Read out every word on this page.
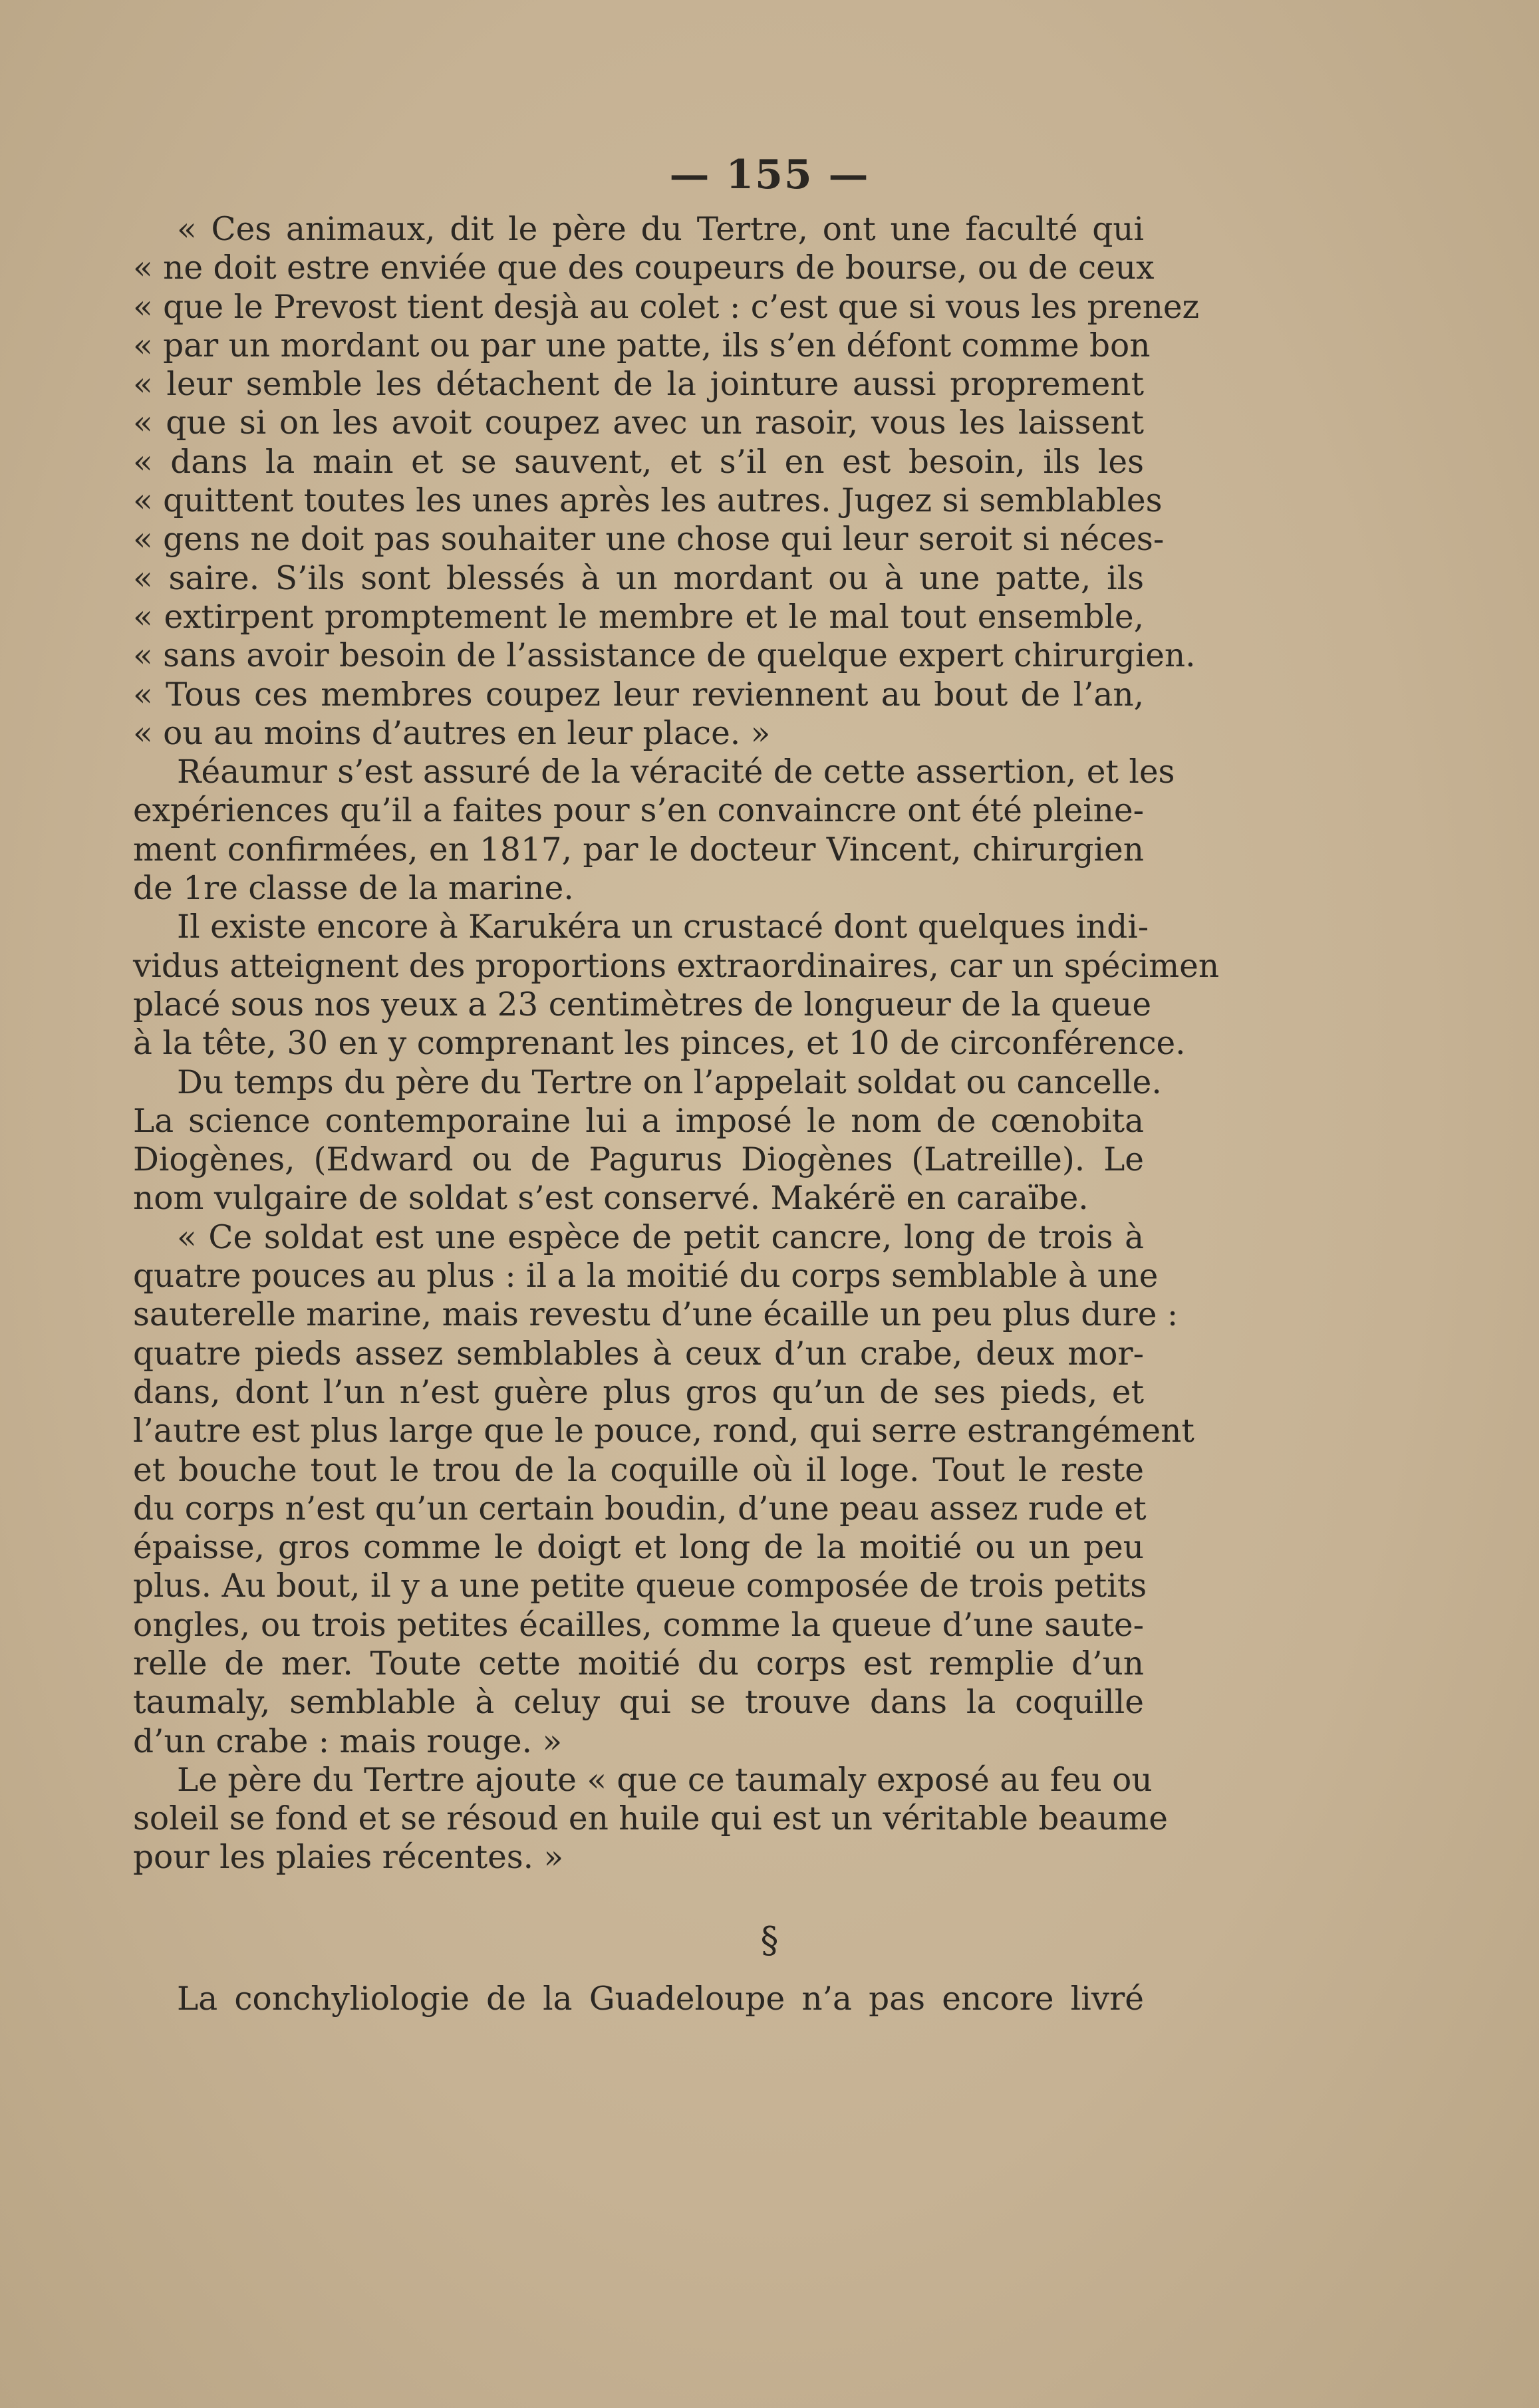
— 155 —
« Ces animaux, dit le père du Tertre, ont une faculté qui
« ne doit estre enviée que des coupeurs de bourse, ou de ceux
« que le Prevost tient desjà au colet : c’est que si vous les prenez
« par un mordant ou par une patte, ils s’en défont comme bon
« leur semble les détachent de la jointure aussi proprement
« que si on les avoit coupez avec un rasoir, vous les laissent
« dans la main et se sauvent, et s’il en est besoin, ils les
« quittent toutes les unes après les autres. Jugez si semblables
« gens ne doit pas souhaiter une chose qui leur seroit si néces-
« saire. S’ils sont blessés à un mordant ou à une patte, ils
« extirpent promptement le membre et le mal tout ensemble,
« sans avoir besoin de l’assistance de quelque expert chirurgien.
« Tous ces membres coupez leur reviennent au bout de l’an,
« ou au moins d’autres en leur place. »
Réaumur s’est assuré de la véracité de cette assertion, et les
expériences qu’il a faites pour s’en convaincre ont été pleine-
ment confirmées, en 1817, par le docteur Vincent, chirurgien
de 1re classe de la marine.
Il existe encore à Karukéra un crustacé dont quelques indi-
vidus atteignent des proportions extraordinaires, car un spécimen
placé sous nos yeux a 23 centimètres de longueur de la queue
à la tête, 30 en y comprenant les pinces, et 10 de circonférence.
Du temps du père du Tertre on l’appelait soldat ou cancelle.
La science contemporaine lui a imposé le nom de cœnobita
Diogènes, (Edward ou de Pagurus Diogènes (Latreille). Le
nom vulgaire de soldat s’est conservé. Makérë en caraïbe.
« Ce soldat est une espèce de petit cancre, long de trois à
quatre pouces au plus : il a la moitié du corps semblable à une
sauterelle marine, mais revestu d’une écaille un peu plus dure :
quatre pieds assez semblables à ceux d’un crabe, deux mor-
dans, dont l’un n’est guère plus gros qu’un de ses pieds, et
l’autre est plus large que le pouce, rond, qui serre estrangément
et bouche tout le trou de la coquille où il loge. Tout le reste
du corps n’est qu’un certain boudin, d’une peau assez rude et
épaisse, gros comme le doigt et long de la moitié ou un peu
plus. Au bout, il y a une petite queue composée de trois petits
ongles, ou trois petites écailles, comme la queue d’une saute-
relle de mer. Toute cette moitié du corps est remplie d’un
taumaly, semblable à celuy qui se trouve dans la coquille
d’un crabe : mais rouge. »
Le père du Tertre ajoute « que ce taumaly exposé au feu ou
soleil se fond et se résoud en huile qui est un véritable beaume
pour les plaies récentes. »
§
La conchyliologie de la Guadeloupe n’a pas encore livré
